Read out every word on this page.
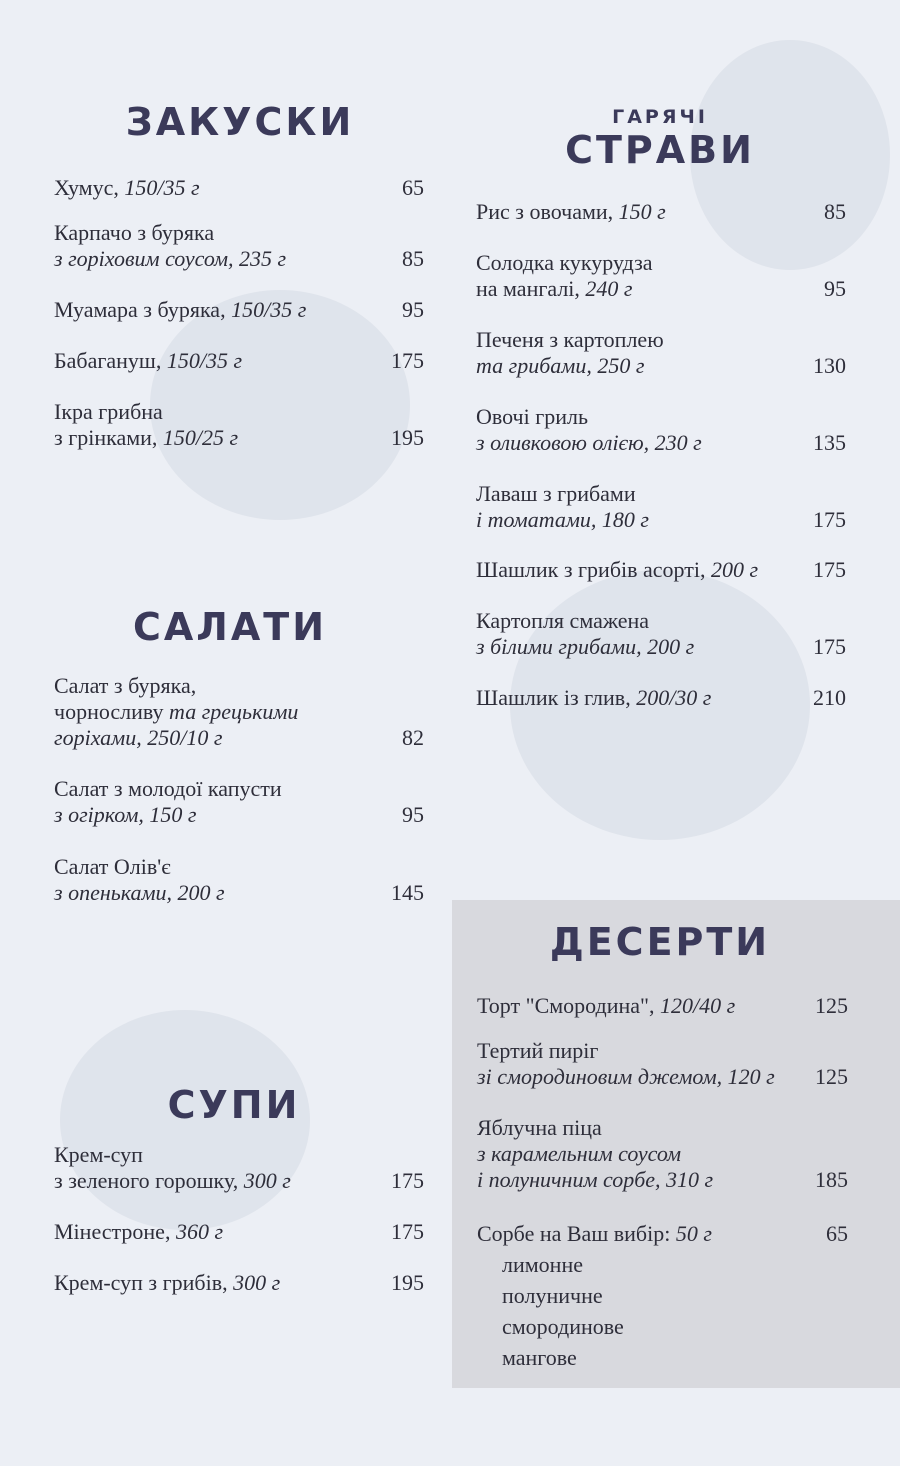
ЗАКУСКИ
Хумус, 150/35 г	65
Карпачо з буряка
з горіховим соусом, 235 г	85
Муамара з буряка, 150/35 г	95
Бабагануш, 150/35 г	175
Ікра грибна
з грінками, 150/25 г	195
САЛАТИ
Салат з буряка,
чорносливу та грецькими
горіхами, 250/10 г	82
Салат з молодої капусти
з огірком, 150 г	95
Салат Олів'є
з опеньками, 200 г	145
СУПИ
Крем-суп
з зеленого горошку, 300 г	175
Мінестроне, 360 г	175
Крем-суп з грибів, 300 г	195
ГАРЯЧІ
СТРАВИ
Рис з овочами, 150 г	85
Солодка кукурудза
на мангалі, 240 г	95
Печеня з картоплею
та грибами, 250 г	130
Овочі гриль
з оливковою олією, 230 г	135
Лаваш з грибами
і томатами, 180 г	175
Шашлик з грибів асорті, 200 г	175
Картопля смажена
з білими грибами, 200 г	175
Шашлик із глив, 200/30 г	210
ДЕСЕРТИ
Торт "Смородина", 120/40 г	125
Тертий пиріг
зі смородиновим джемом, 120 г	125
Яблучна піца
з карамельним соусом
і полуничним сорбе, 310 г	185
Сорбе на Ваш вибір: 50 г	65
лимонне
полуничне
смородинове
мангове
